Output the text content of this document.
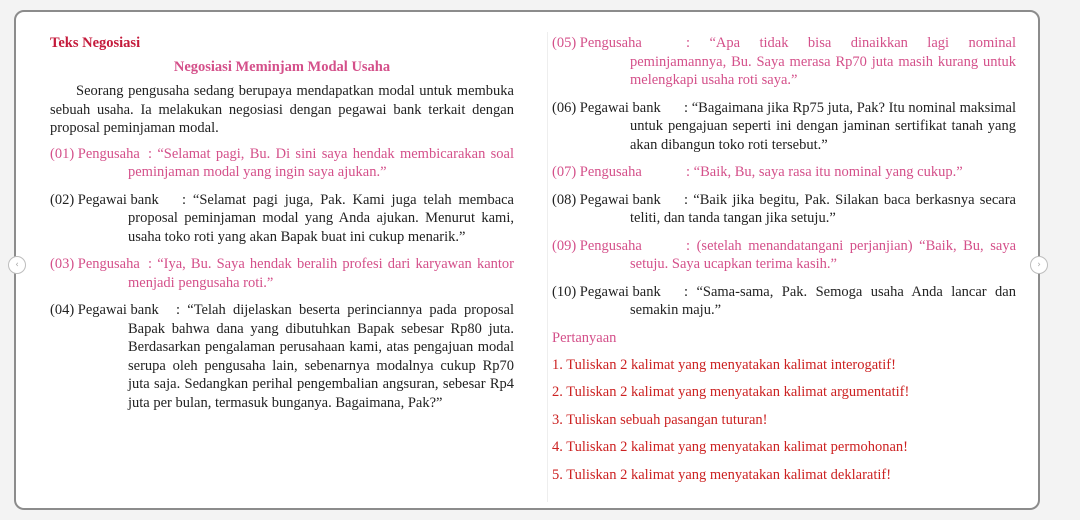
Teks Negosiasi
Negosiasi Meminjam Modal Usaha
Seorang pengusaha sedang berupaya mendapatkan modal untuk membuka sebuah usaha. Ia melakukan negosiasi dengan pegawai bank terkait dengan proposal peminjaman modal.
(01) Pengusaha : “Selamat pagi, Bu. Di sini saya hendak membicarakan soal peminjaman modal yang ingin saya ajukan.”
(02) Pegawai bank	: “Selamat pagi juga, Pak. Kami juga telah membaca proposal peminjaman modal yang Anda ajukan. Menurut kami, usaha toko roti yang akan Bapak buat ini cukup menarik.”
(03) Pengusaha : “Iya, Bu. Saya hendak beralih profesi dari karyawan kantor menjadi pengusaha roti.”
(04) Pegawai bank	: “Telah dijelaskan beserta perinciannya pada proposal Bapak bahwa dana yang dibutuhkan Bapak sebesar Rp80 juta. Berdasarkan pengalaman perusahaan kami, atas pengajuan modal serupa oleh pengusaha lain, sebenarnya modalnya cukup Rp70 juta saja. Sedangkan perihal pengembalian angsuran, sebesar Rp4 juta per bulan, termasuk bunganya. Bagaimana, Pak?”
(05) Pengusaha	: “Apa tidak bisa dinaikkan lagi nominal peminjamannya, Bu. Saya merasa Rp70 juta masih kurang untuk melengkapi usaha roti saya.”
(06) Pegawai bank	: “Bagaimana jika Rp75 juta, Pak? Itu nominal maksimal untuk pengajuan seperti ini dengan jaminan sertifikat tanah yang akan dibangun toko roti tersebut.”
(07) Pengusaha	: “Baik, Bu, saya rasa itu nominal yang cukup.”
(08) Pegawai bank	: “Baik jika begitu, Pak. Silakan baca berkasnya secara teliti, dan tanda tangan jika setuju.”
(09) Pengusaha	: (setelah menandatangani perjanjian) “Baik, Bu, saya setuju. Saya ucapkan terima kasih.”
(10) Pegawai bank	: “Sama-sama, Pak. Semoga usaha Anda lancar dan semakin maju.”
Pertanyaan
1. Tuliskan 2 kalimat yang menyatakan kalimat interogatif!
2. Tuliskan 2 kalimat yang menyatakan kalimat argumentatif!
3. Tuliskan sebuah pasangan tuturan!
4. Tuliskan 2 kalimat yang menyatakan kalimat permohonan!
5. Tuliskan 2 kalimat yang menyatakan kalimat deklaratif!
‹	›
